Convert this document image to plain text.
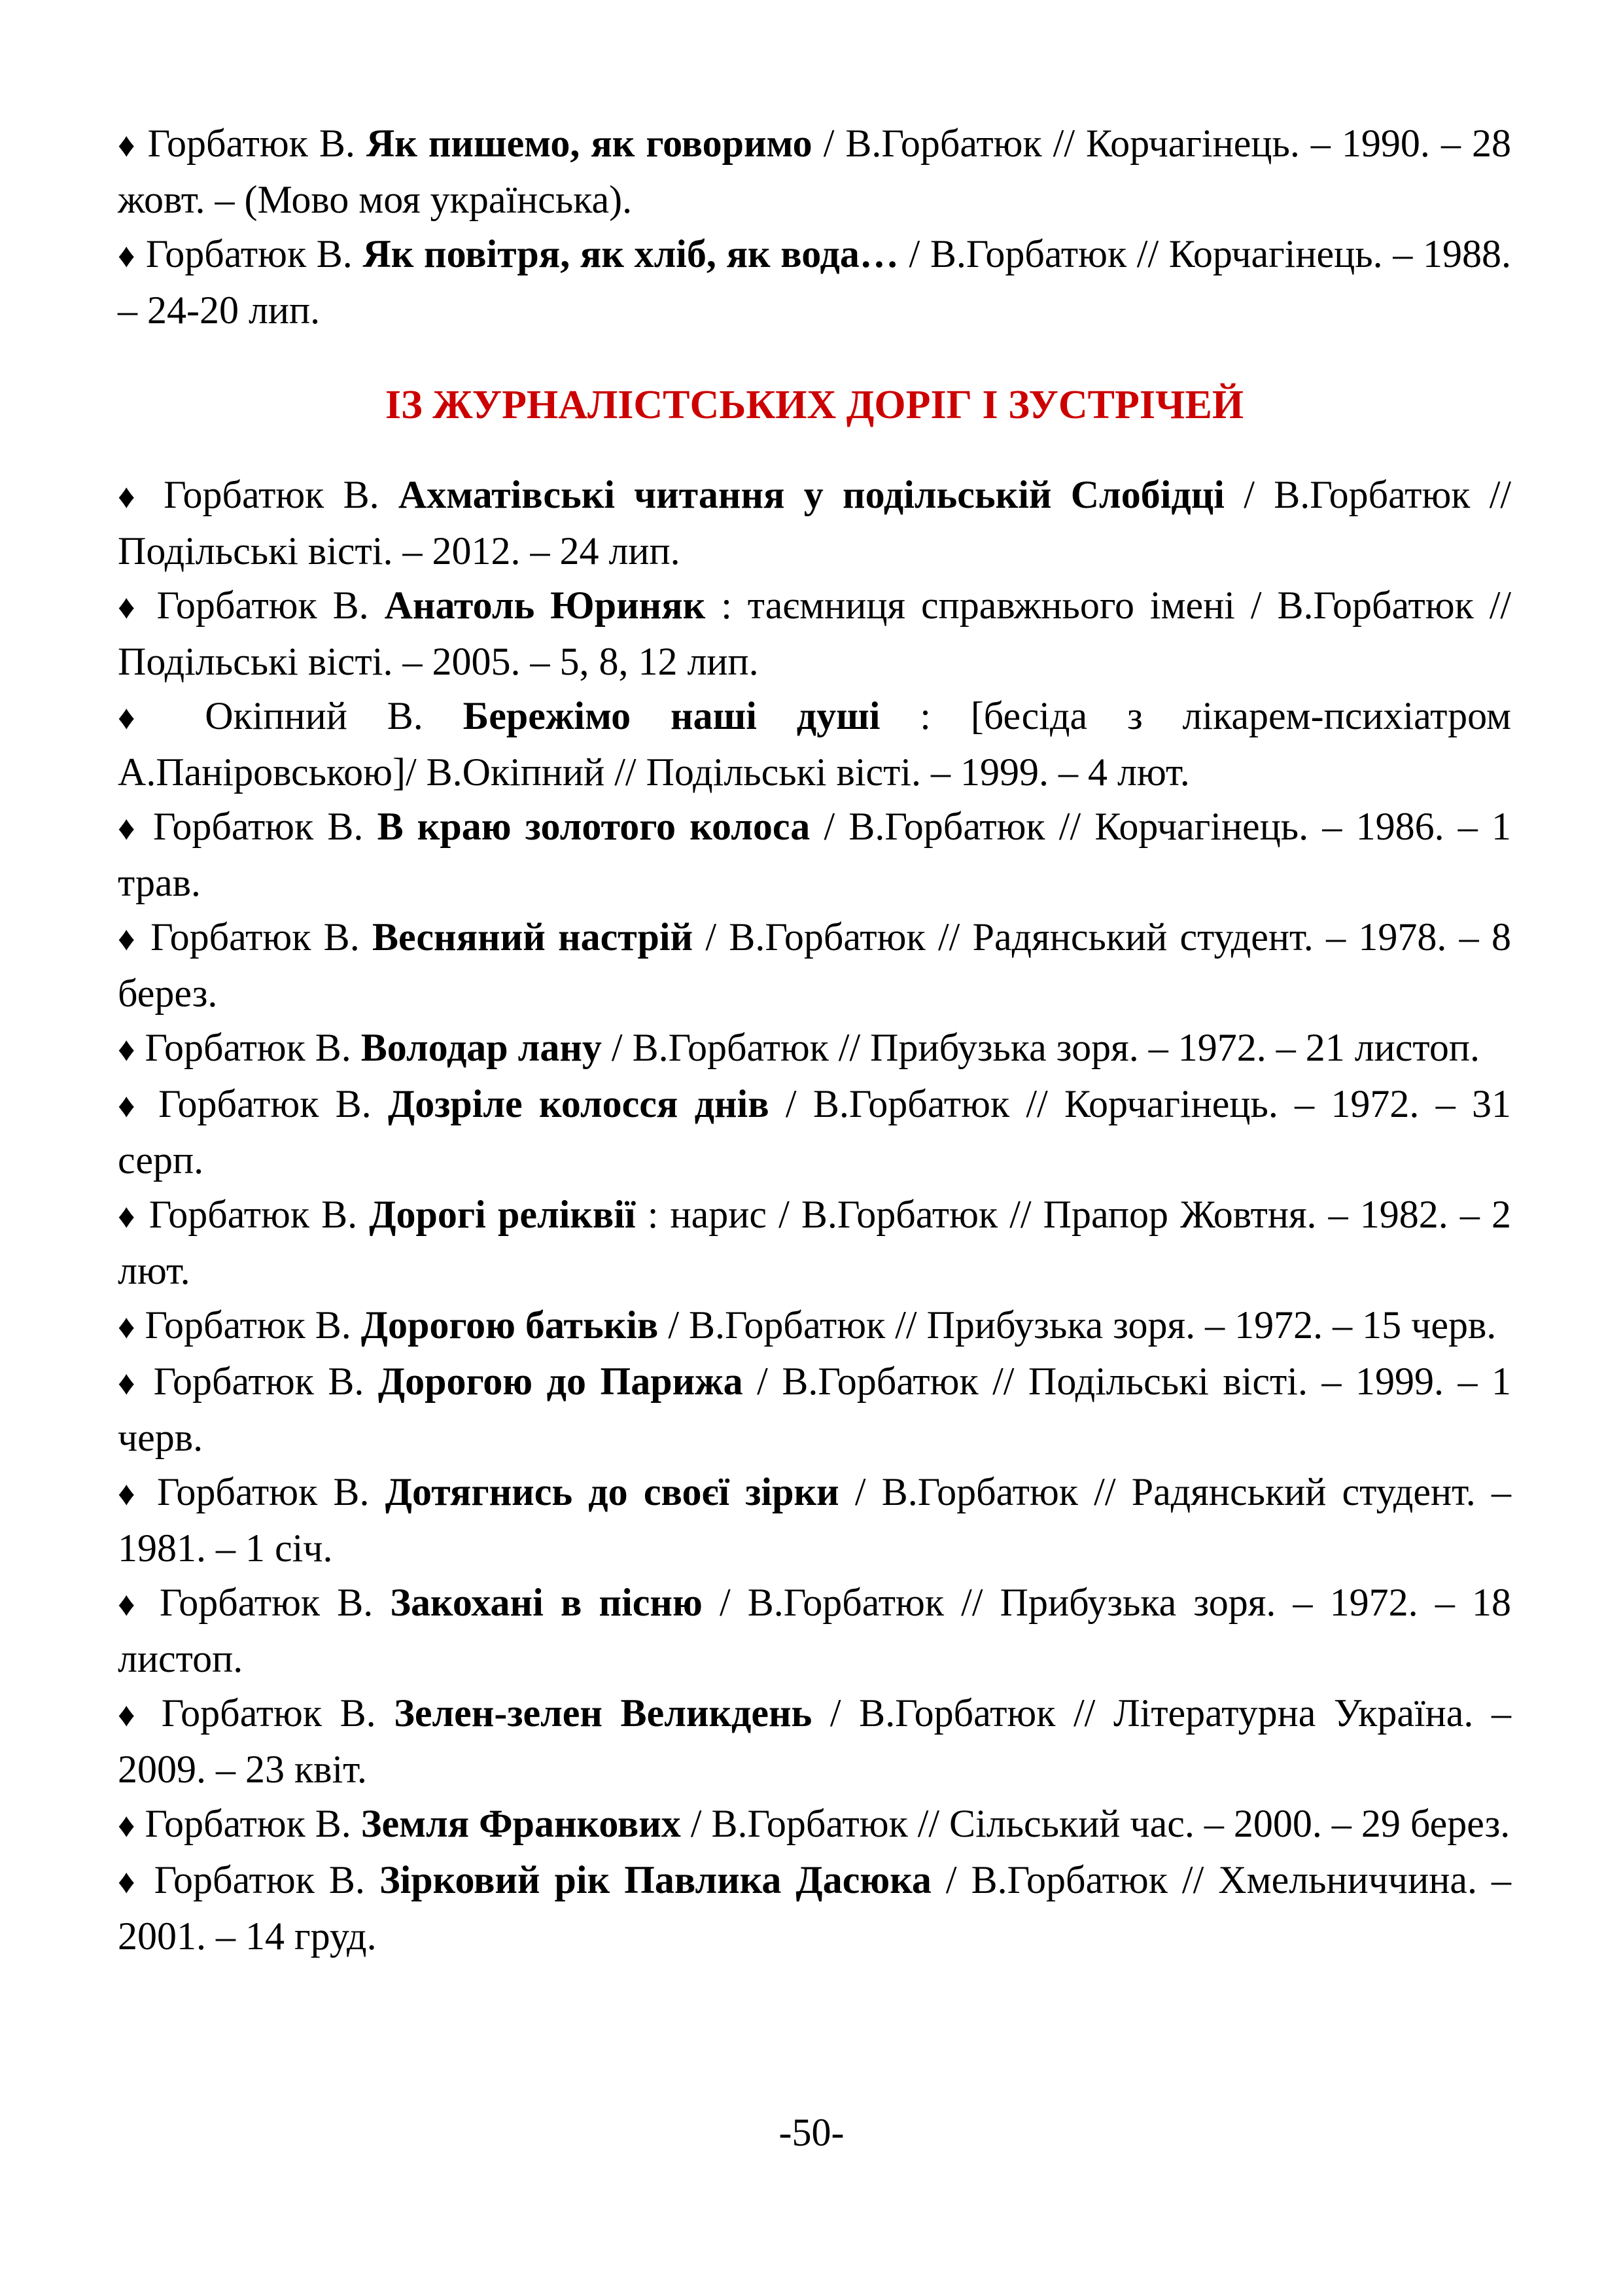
♦ Горбатюк В. Як пишемо, як говоримо / В.Горбатюк // Корчагінець. – 1990. – 28 жовт. – (Мово моя українська).

♦ Горбатюк В. Як повітря, як хліб, як вода… / В.Горбатюк // Корчагінець. – 1988. – 24-20 лип.

ІЗ ЖУРНАЛІСТСЬКИХ ДОРІГ І ЗУСТРІЧЕЙ

♦ Горбатюк В. Ахматівські читання у подільській Слобідці / В.Горбатюк // Подільські вісті. – 2012. – 24 лип.

♦ Горбатюк В. Анатоль Юриняк : таємниця справжнього імені / В.Горбатюк // Подільські вісті. – 2005. – 5, 8, 12 лип.

♦ Окіпний В. Бережімо наші душі : [бесіда з лікарем-психіатром А.Паніровською]/ В.Окіпний // Подільські вісті. – 1999. – 4 лют.

♦ Горбатюк В. В краю золотого колоса / В.Горбатюк // Корчагінець. – 1986. – 1 трав.

♦ Горбатюк В. Весняний настрій / В.Горбатюк // Радянський студент. – 1978. – 8 берез.

♦ Горбатюк В. Володар лану / В.Горбатюк // Прибузька зоря. – 1972. – 21 листоп.

♦ Горбатюк В. Дозріле колосся днів / В.Горбатюк // Корчагінець. – 1972. – 31 серп.

♦ Горбатюк В. Дорогі реліквії : нарис / В.Горбатюк // Прапор Жовтня. – 1982. – 2 лют.

♦ Горбатюк В. Дорогою батьків / В.Горбатюк // Прибузька зоря. – 1972. – 15 черв.

♦ Горбатюк В. Дорогою до Парижа / В.Горбатюк // Подільські вісті. – 1999. – 1 черв.

♦ Горбатюк В. Дотягнись до своєї зірки / В.Горбатюк // Радянський студент. – 1981. – 1 січ.

♦ Горбатюк В. Закохані в пісню / В.Горбатюк // Прибузька зоря. – 1972. – 18 листоп.

♦ Горбатюк В. Зелен-зелен Великдень / В.Горбатюк // Літературна Україна. – 2009. – 23 квіт.

♦ Горбатюк В. Земля Франкових / В.Горбатюк // Сільський час. – 2000. – 29 берез.

♦ Горбатюк В. Зірковий рік Павлика Дасюка / В.Горбатюк // Хмельниччина. – 2001. – 14 груд.

-50-
